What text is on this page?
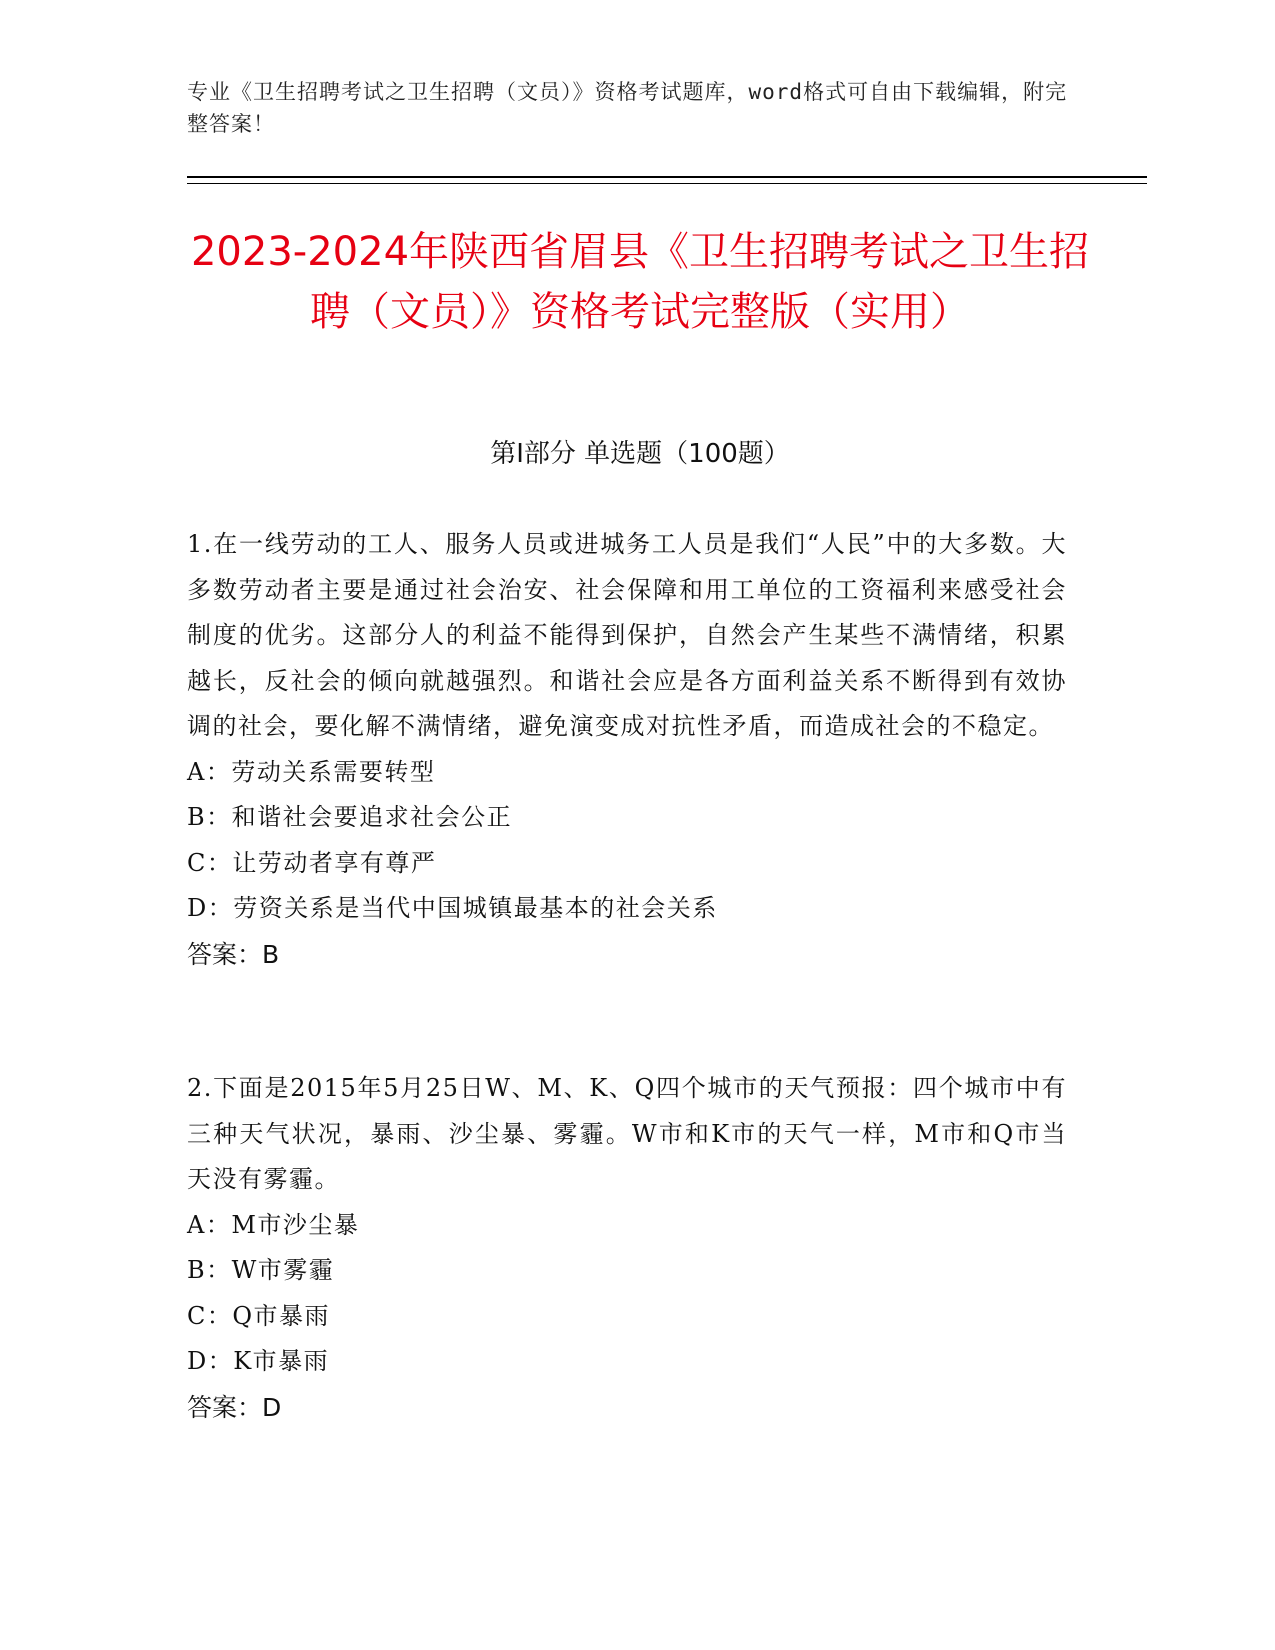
专业《卫生招聘考试之卫生招聘（文员）》资格考试题库，word格式可自由下载编辑，附完整答案！
2023-2024年陕西省眉县《卫生招聘考试之卫生招聘（文员）》资格考试完整版（实用）
第I部分 单选题（100题）

1.在一线劳动的工人、服务人员或进城务工人员是我们“人民”中的大多数。大多数劳动者主要是通过社会治安、社会保障和用工单位的工资福利来感受社会制度的优劣。这部分人的利益不能得到保护，自然会产生某些不满情绪，积累越长，反社会的倾向就越强烈。和谐社会应是各方面利益关系不断得到有效协调的社会，要化解不满情绪，避免演变成对抗性矛盾，而造成社会的不稳定。

A：劳动关系需要转型

B：和谐社会要追求社会公正

C：让劳动者享有尊严

D：劳资关系是当代中国城镇最基本的社会关系

答案：B

2.下面是2015年5月25日W、M、K、Q四个城市的天气预报：四个城市中有三种天气状况，暴雨、沙尘暴、雾霾。W市和K市的天气一样，M市和Q市当天没有雾霾。

A：M市沙尘暴

B：W市雾霾

C：Q市暴雨

D：K市暴雨

答案：D
